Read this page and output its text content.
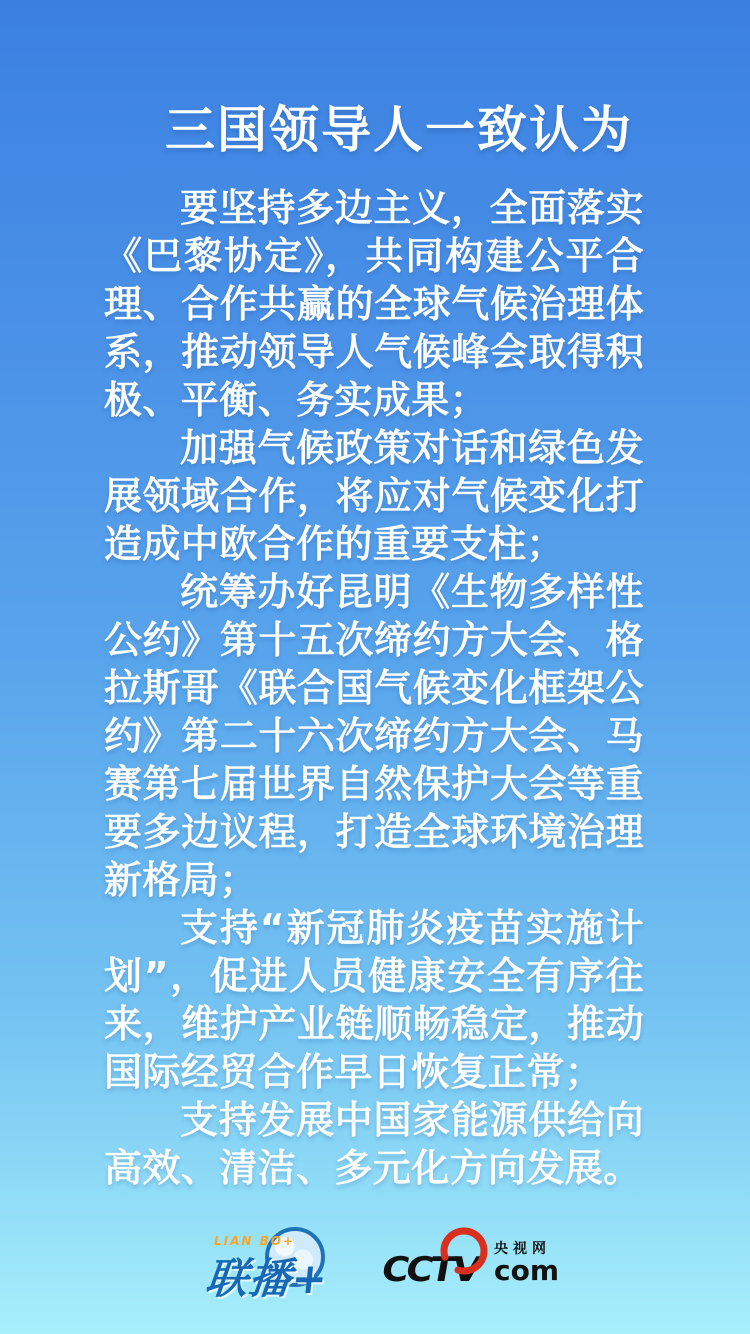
三国领导人一致认为

要坚持多边主义，全面落实《巴黎协定》，共同构建公平合理、合作共赢的全球气候治理体系，推动领导人气候峰会取得积极、平衡、务实成果；

加强气候政策对话和绿色发展领域合作，将应对气候变化打造成中欧合作的重要支柱；

统筹办好昆明《生物多样性公约》第十五次缔约方大会、格拉斯哥《联合国气候变化框架公约》第二十六次缔约方大会、马赛第七届世界自然保护大会等重要多边议程，打造全球环境治理新格局；

支持“新冠肺炎疫苗实施计划”，促进人员健康安全有序往来，维护产业链顺畅稳定，推动国际经贸合作早日恢复正常；

支持发展中国家能源供给向高效、清洁、多元化方向发展。

LIAN BO+
联播+ CCTV
央视网
com
